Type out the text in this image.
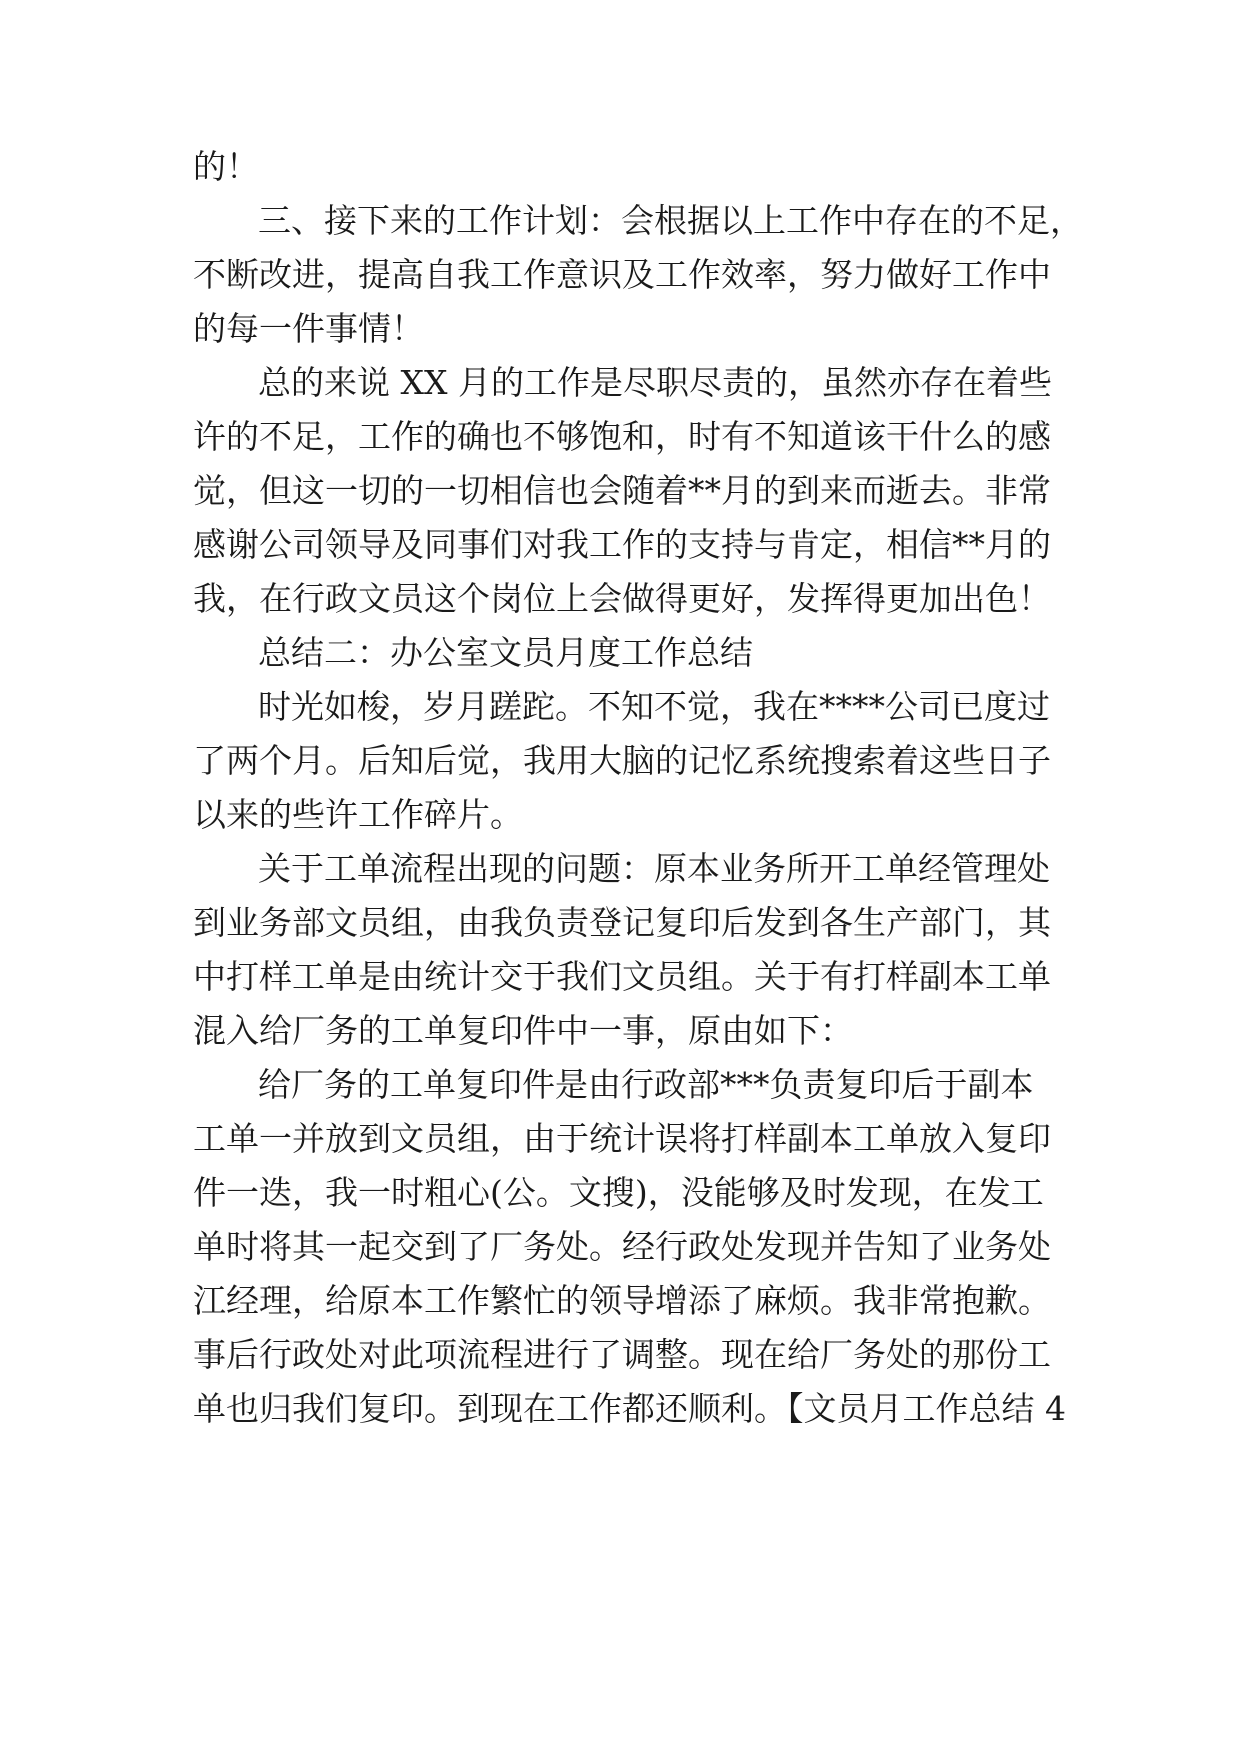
的！
三、接下来的工作计划：会根据以上工作中存在的不足，
不断改进，提高自我工作意识及工作效率，努力做好工作中
的每一件事情！
总的来说 XX 月的工作是尽职尽责的，虽然亦存在着些
许的不足，工作的确也不够饱和，时有不知道该干什么的感
觉，但这一切的一切相信也会随着**月的到来而逝去。非常
感谢公司领导及同事们对我工作的支持与肯定，相信**月的
我，在行政文员这个岗位上会做得更好，发挥得更加出色！
总结二：办公室文员月度工作总结
时光如梭，岁月蹉跎。不知不觉，我在****公司已度过
了两个月。后知后觉，我用大脑的记忆系统搜索着这些日子
以来的些许工作碎片。
关于工单流程出现的问题：原本业务所开工单经管理处
到业务部文员组，由我负责登记复印后发到各生产部门，其
中打样工单是由统计交于我们文员组。关于有打样副本工单
混入给厂务的工单复印件中一事，原由如下：
给厂务的工单复印件是由行政部***负责复印后于副本
工单一并放到文员组，由于统计误将打样副本工单放入复印
件一迭，我一时粗心(公。文搜)，没能够及时发现，在发工
单时将其一起交到了厂务处。经行政处发现并告知了业务处
江经理，给原本工作繁忙的领导增添了麻烦。我非常抱歉。
事后行政处对此项流程进行了调整。现在给厂务处的那份工
单也归我们复印。到现在工作都还顺利。【文员月工作总结 4
